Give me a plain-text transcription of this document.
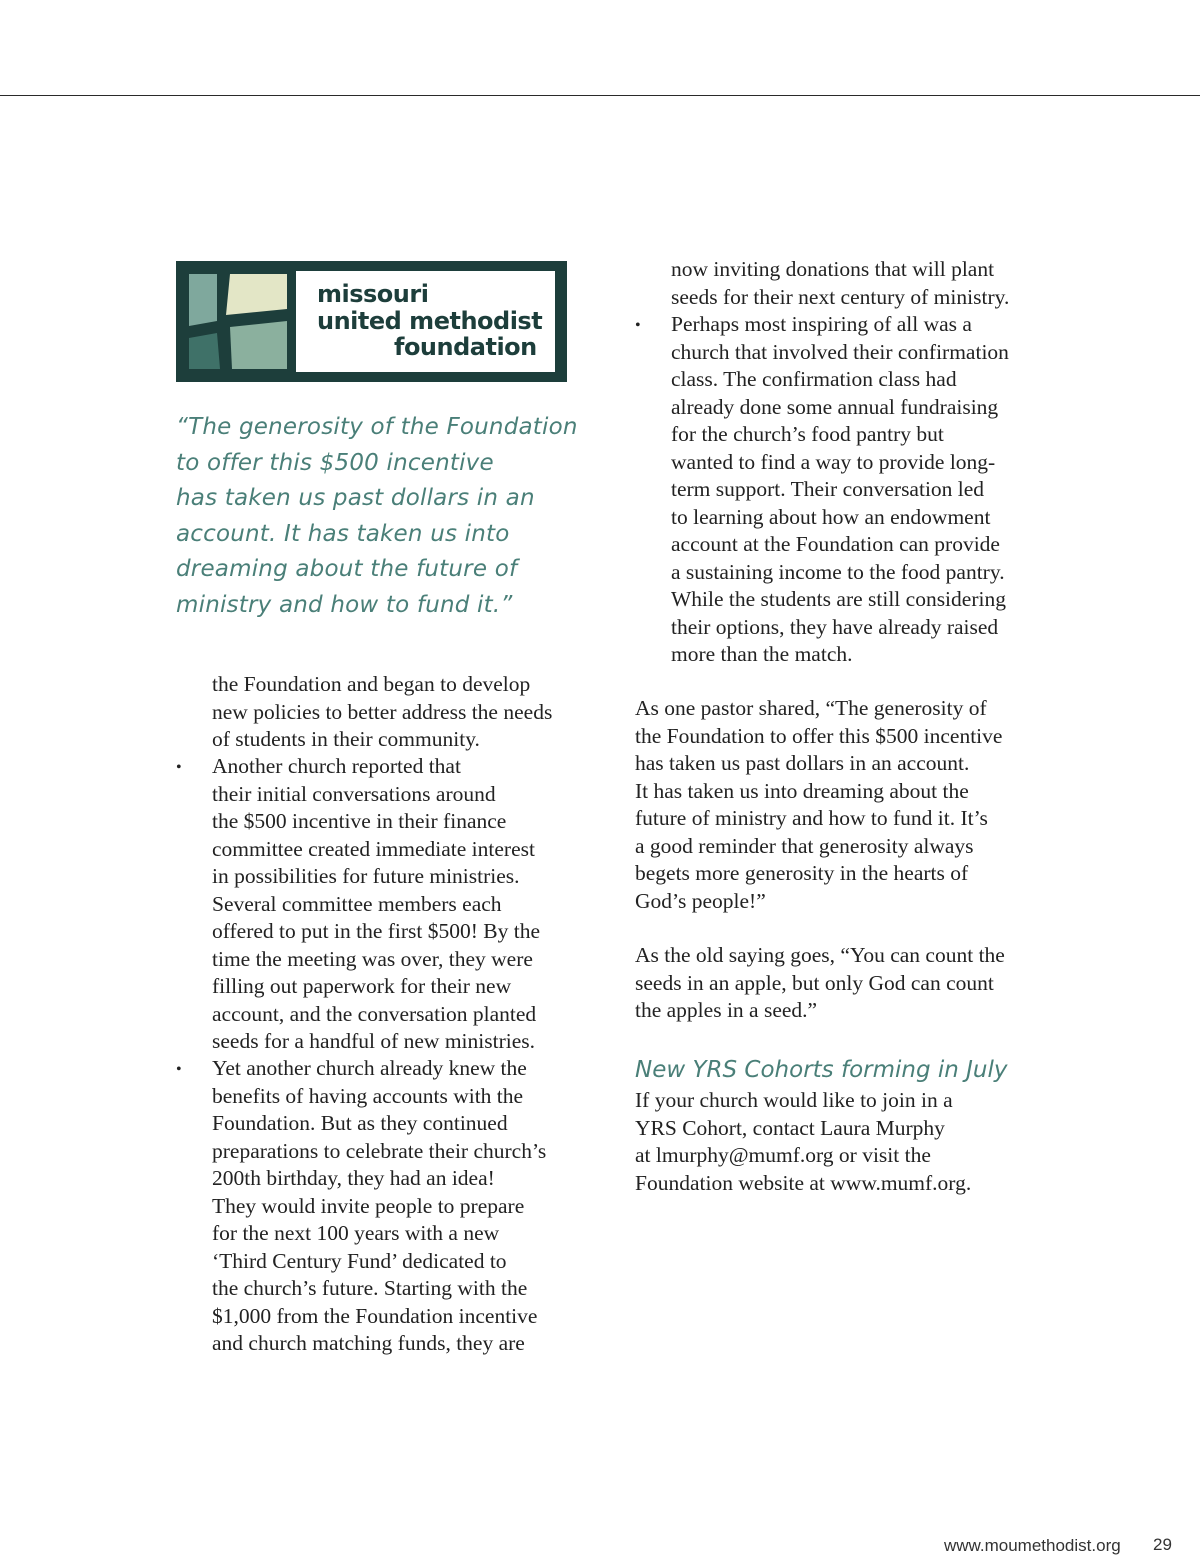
missouri
united methodist
foundation
“The generosity of the Foundation
to offer this $500 incentive
has taken us past dollars in an
account. It has taken us into
dreaming about the future of
ministry and how to fund it.”
the Foundation and began to develop
new policies to better address the needs
of students in their community.
• Another church reported that
their initial conversations around
the $500 incentive in their finance
committee created immediate interest
in possibilities for future ministries.
Several committee members each
offered to put in the first $500! By the
time the meeting was over, they were
filling out paperwork for their new
account, and the conversation planted
seeds for a handful of new ministries.
• Yet another church already knew the
benefits of having accounts with the
Foundation. But as they continued
preparations to celebrate their church’s
200th birthday, they had an idea!
They would invite people to prepare
for the next 100 years with a new
‘Third Century Fund’ dedicated to
the church’s future. Starting with the
$1,000 from the Foundation incentive
and church matching funds, they are
now inviting donations that will plant
seeds for their next century of ministry.
• Perhaps most inspiring of all was a
church that involved their confirmation
class. The confirmation class had
already done some annual fundraising
for the church’s food pantry but
wanted to find a way to provide long-
term support. Their conversation led
to learning about how an endowment
account at the Foundation can provide
a sustaining income to the food pantry.
While the students are still considering
their options, they have already raised
more than the match.
As one pastor shared, “The generosity of
the Foundation to offer this $500 incentive
has taken us past dollars in an account.
It has taken us into dreaming about the
future of ministry and how to fund it. It’s
a good reminder that generosity always
begets more generosity in the hearts of
God’s people!”
As the old saying goes, “You can count the
seeds in an apple, but only God can count
the apples in a seed.”
New YRS Cohorts forming in July
If your church would like to join in a
YRS Cohort, contact Laura Murphy
at lmurphy@mumf.org or visit the
Foundation website at www.mumf.org.
www.moumethodist.org 29
